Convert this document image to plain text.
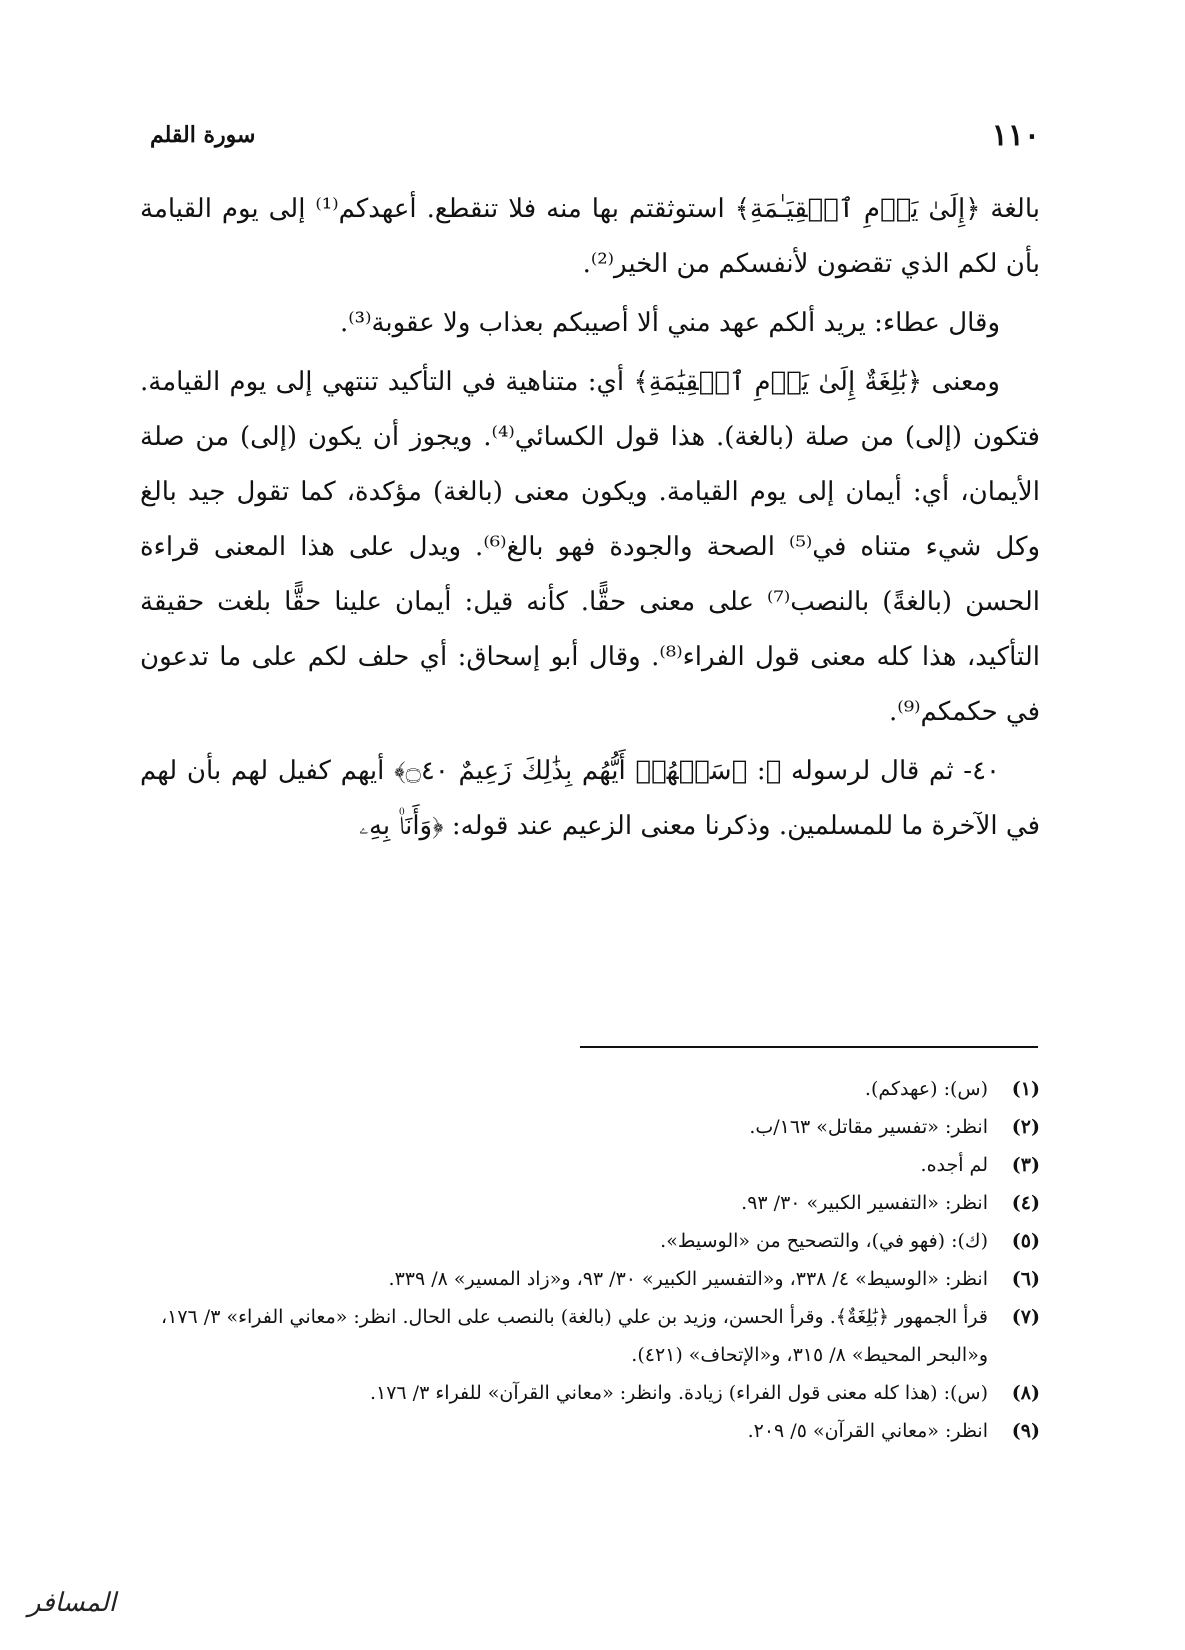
١١٠
سورة القلم

بالغة ﴿إِلَىٰ يَوۡمِ ٱلۡقِيَـٰمَةِ﴾ استوثقتم بها منه فلا تنقطع. أعهدكم⁽¹⁾ إلى يوم القيامة بأن لكم الذي تقضون لأنفسكم من الخير⁽²⁾.

وقال عطاء: يريد ألكم عهد مني ألا أصيبكم بعذاب ولا عقوبة⁽³⁾.

ومعنى ﴿بَٰلِغَةٌ إِلَىٰ يَوۡمِ ٱلۡقِيَٰمَةِ﴾ أي: متناهية في التأكيد تنتهي إلى يوم القيامة. فتكون (إلى) من صلة (بالغة). هذا قول الكسائي⁽⁴⁾. ويجوز أن يكون (إلى) من صلة الأيمان، أي: أيمان إلى يوم القيامة. ويكون معنى (بالغة) مؤكدة، كما تقول جيد بالغ وكل شيء متناه في⁽⁵⁾ الصحة والجودة فهو بالغ⁽⁶⁾. ويدل على هذا المعنى قراءة الحسن (بالغةً) بالنصب⁽⁷⁾ على معنى حقًّا. كأنه قيل: أيمان علينا حقًّا بلغت حقيقة التأكيد، هذا كله معنى قول الفراء⁽⁸⁾. وقال أبو إسحاق: أي حلف لكم على ما تدعون في حكمكم⁽⁹⁾.

٤٠- ثم قال لرسوله ﷺ: ﴿سَلۡهُمۡ أَيُّهُم بِذَٰلِكَ زَعِيمٌ ۝٤٠﴾ أيهم كفيل لهم بأن لهم في الآخرة ما للمسلمين. وذكرنا معنى الزعيم عند قوله: ﴿وَأَنَا۠ بِهِۦ

(١)
(س): (عهدكم).
(٢)
انظر: «تفسير مقاتل» ١٦٣/ب.
(٣)
لم أجده.
(٤)
انظر: «التفسير الكبير» ٣٠/ ٩٣.
(٥)
(ك): (فهو في)، والتصحيح من «الوسيط».
(٦)
انظر: «الوسيط» ٤/ ٣٣٨، و«التفسير الكبير» ٣٠/ ٩٣، و«زاد المسير» ٨/ ٣٣٩.
(٧)
قرأ الجمهور ﴿بَٰلِغَةٌ﴾. وقرأ الحسن، وزيد بن علي (بالغة) بالنصب على الحال. انظر: «معاني الفراء» ٣/ ١٧٦، و«البحر المحيط» ٨/ ٣١٥، و«الإتحاف» (٤٢١).
(٨)
(س): (هذا كله معنى قول الفراء) زيادة. وانظر: «معاني القرآن» للفراء ٣/ ١٧٦.
(٩)
انظر: «معاني القرآن» ٥/ ٢٠٩.
المسافر
